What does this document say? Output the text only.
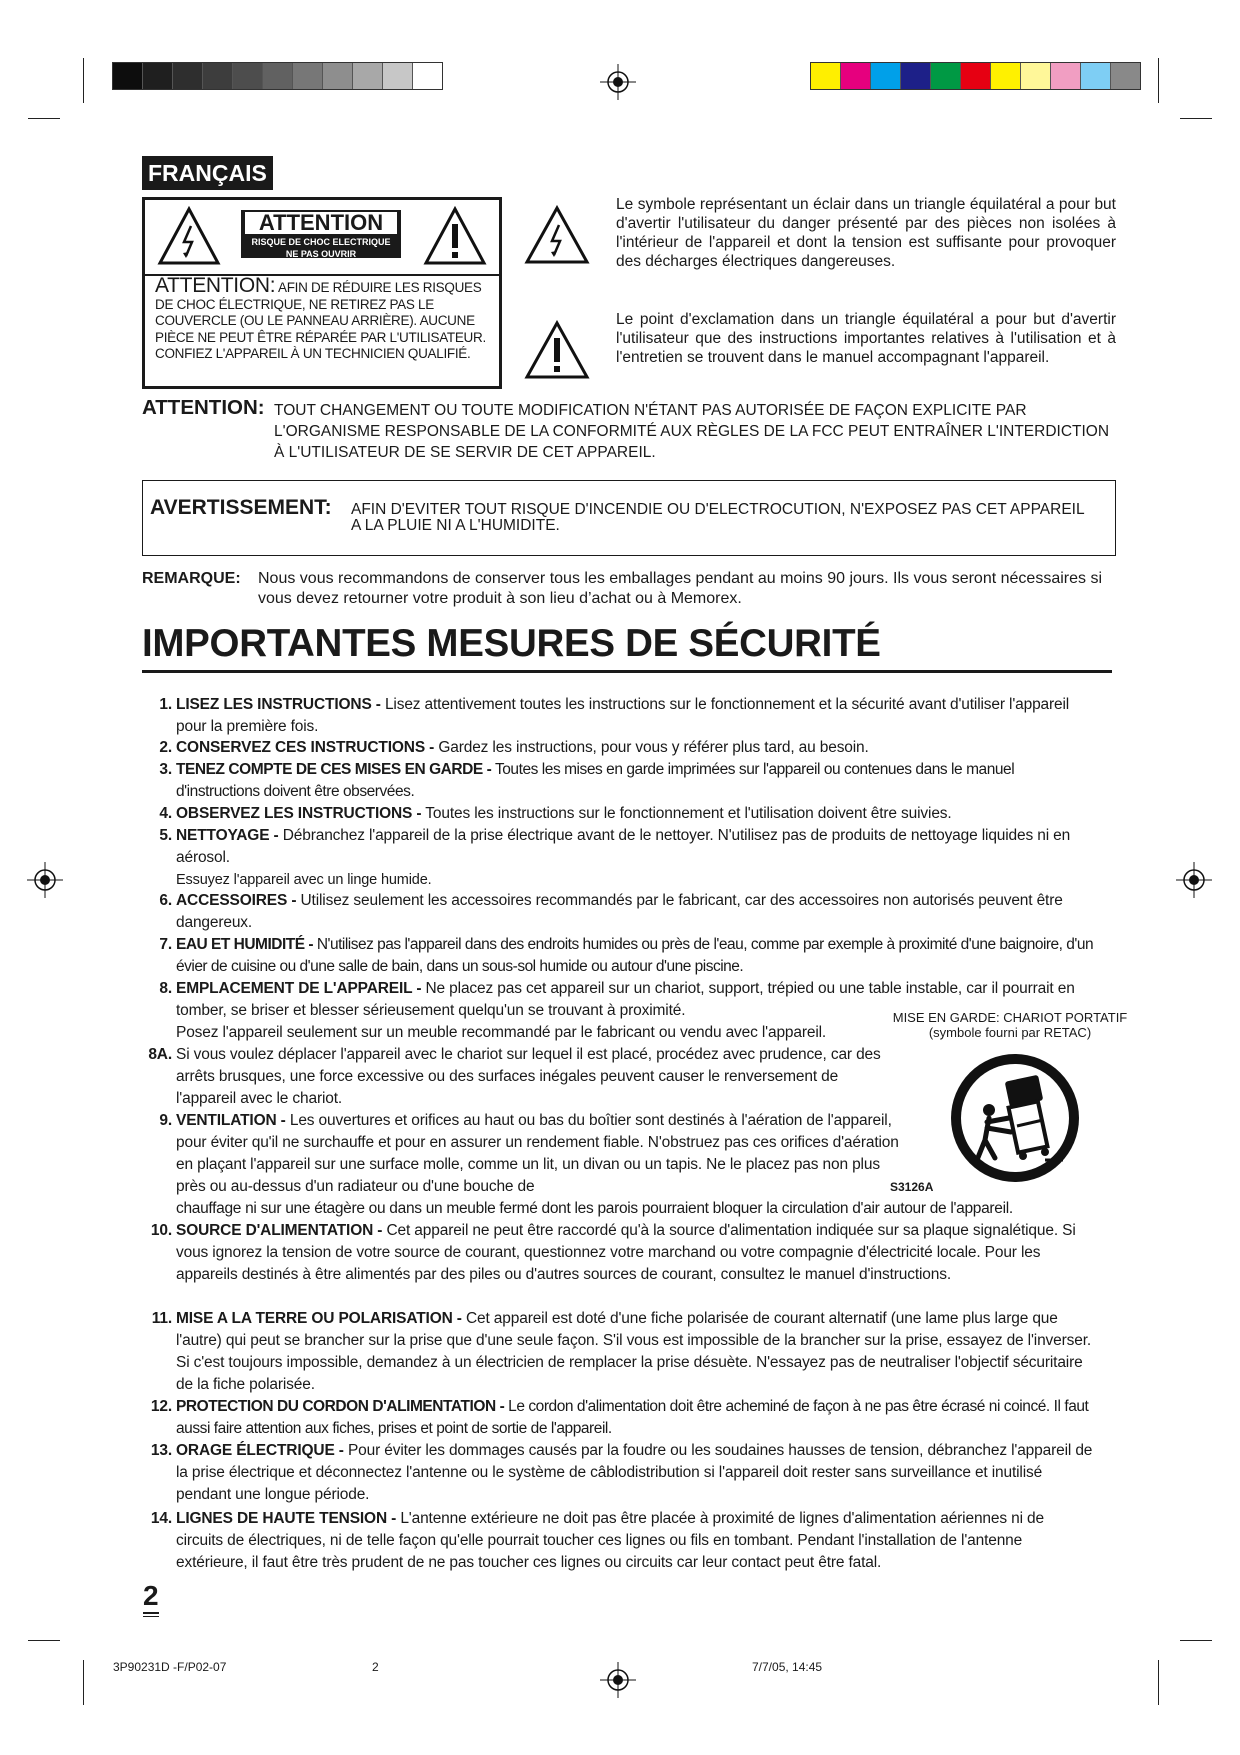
FRANÇAIS
ATTENTION
RISQUE DE CHOC ELECTRIQUE
NE PAS OUVRIR
ATTENTION: AFIN DE RÉDUIRE LES RISQUES DE CHOC ÉLECTRIQUE, NE RETIREZ PAS LE COUVERCLE (OU LE PANNEAU ARRIÈRE). AUCUNE PIÈCE NE PEUT ÊTRE RÉPARÉE PAR L'UTILISATEUR. CONFIEZ L'APPAREIL À UN TECHNICIEN QUALIFIÉ.
Le symbole représentant un éclair dans un triangle équilatéral a pour but d'avertir l'utilisateur du danger présenté par des pièces non isolées à l'intérieur de l'appareil et dont la tension est suffisante pour provoquer des décharges électriques dangereuses.
Le point d'exclamation dans un triangle équilatéral a pour but d'avertir l'utilisateur que des instructions importantes relatives à l'utilisation et à l'entretien se trouvent dans le manuel accompagnant l'appareil.
ATTENTION: TOUT CHANGEMENT OU TOUTE MODIFICATION N'ÉTANT PAS AUTORISÉE DE FAÇON EXPLICITE PAR L'ORGANISME RESPONSABLE DE LA CONFORMITÉ AUX RÈGLES DE LA FCC PEUT ENTRAÎNER L'INTERDICTION À L'UTILISATEUR DE SE SERVIR DE CET APPAREIL.
AVERTISSEMENT: AFIN D'EVITER TOUT RISQUE D'INCENDIE OU D'ELECTROCUTION, N'EXPOSEZ PAS CET APPAREIL A LA PLUIE NI A L'HUMIDITE.
REMARQUE: Nous vous recommandons de conserver tous les emballages pendant au moins 90 jours. Ils vous seront nécessaires si vous devez retourner votre produit à son lieu d’achat ou à Memorex.
IMPORTANTES MESURES DE SÉCURITÉ
1. LISEZ LES INSTRUCTIONS - Lisez attentivement toutes les instructions sur le fonctionnement et la sécurité avant d'utiliser l'appareil pour la première fois.
2. CONSERVEZ CES INSTRUCTIONS - Gardez les instructions, pour vous y référer plus tard, au besoin.
3. TENEZ COMPTE DE CES MISES EN GARDE - Toutes les mises en garde imprimées sur l'appareil ou contenues dans le manuel d'instructions doivent être observées.
4. OBSERVEZ LES INSTRUCTIONS - Toutes les instructions sur le fonctionnement et l'utilisation doivent être suivies.
5. NETTOYAGE - Débranchez l'appareil de la prise électrique avant de le nettoyer. N'utilisez pas de produits de nettoyage liquides ni en aérosol.
Essuyez l'appareil avec un linge humide.
6. ACCESSOIRES - Utilisez seulement les accessoires recommandés par le fabricant, car des accessoires non autorisés peuvent être dangereux.
7. EAU ET HUMIDITÉ - N'utilisez pas l'appareil dans des endroits humides ou près de l'eau, comme par exemple à proximité d'une baignoire, d'un évier de cuisine ou d'une salle de bain, dans un sous-sol humide ou autour d'une piscine.
8. EMPLACEMENT DE L'APPAREIL - Ne placez pas cet appareil sur un chariot, support, trépied ou une table instable, car il pourrait en tomber, se briser et blesser sérieusement quelqu'un se trouvant à proximité.
Posez l'appareil seulement sur un meuble recommandé par le fabricant ou vendu avec l'appareil.
8A. Si vous voulez déplacer l'appareil avec le chariot sur lequel il est placé, procédez avec prudence, car des arrêts brusques, une force excessive ou des surfaces inégales peuvent causer le renversement de l'appareil avec le chariot.
9. VENTILATION - Les ouvertures et orifices au haut ou bas du boîtier sont destinés à l'aération de l'appareil, pour éviter qu'il ne surchauffe et pour en assurer un rendement fiable. N'obstruez pas ces orifices d'aération en plaçant l'appareil sur une surface molle, comme un lit, un divan ou un tapis. Ne le placez pas non plus près ou au-dessus d'un radiateur ou d'une bouche de
chauffage ni sur une étagère ou dans un meuble fermé dont les parois pourraient bloquer la circulation d'air autour de l'appareil.
10. SOURCE D'ALIMENTATION - Cet appareil ne peut être raccordé qu'à la source d'alimentation indiquée sur sa plaque signalétique. Si vous ignorez la tension de votre source de courant, questionnez votre marchand ou votre compagnie d'électricité locale. Pour les appareils destinés à être alimentés par des piles ou d'autres sources de courant, consultez le manuel d'instructions.
11. MISE A LA TERRE OU POLARISATION - Cet appareil est doté d'une fiche polarisée de courant alternatif (une lame plus large que l'autre) qui peut se brancher sur la prise que d'une seule façon. S'il vous est impossible de la brancher sur la prise, essayez de l'inverser. Si c'est toujours impossible, demandez à un électricien de remplacer la prise désuète. N'essayez pas de neutraliser l'objectif sécuritaire de la fiche polarisée.
12. PROTECTION DU CORDON D'ALIMENTATION - Le cordon d'alimentation doit être acheminé de façon à ne pas être écrasé ni coincé. Il faut aussi faire attention aux fiches, prises et point de sortie de l'appareil.
13. ORAGE ÉLECTRIQUE - Pour éviter les dommages causés par la foudre ou les soudaines hausses de tension, débranchez l'appareil de la prise électrique et déconnectez l'antenne ou le système de câblodistribution si l'appareil doit rester sans surveillance et inutilisé pendant une longue période.
14. LIGNES DE HAUTE TENSION - L'antenne extérieure ne doit pas être placée à proximité de lignes d'alimentation aériennes ni de circuits de électriques, ni de telle façon qu'elle pourrait toucher ces lignes ou fils en tombant. Pendant l'installation de l'antenne extérieure, il faut être très prudent de ne pas toucher ces lignes ou circuits car leur contact peut être fatal.
MISE EN GARDE: CHARIOT PORTATIF
(symbole fourni par RETAC)
S3126A
2
3P90231D -F/P02-07	2	7/7/05, 14:45
